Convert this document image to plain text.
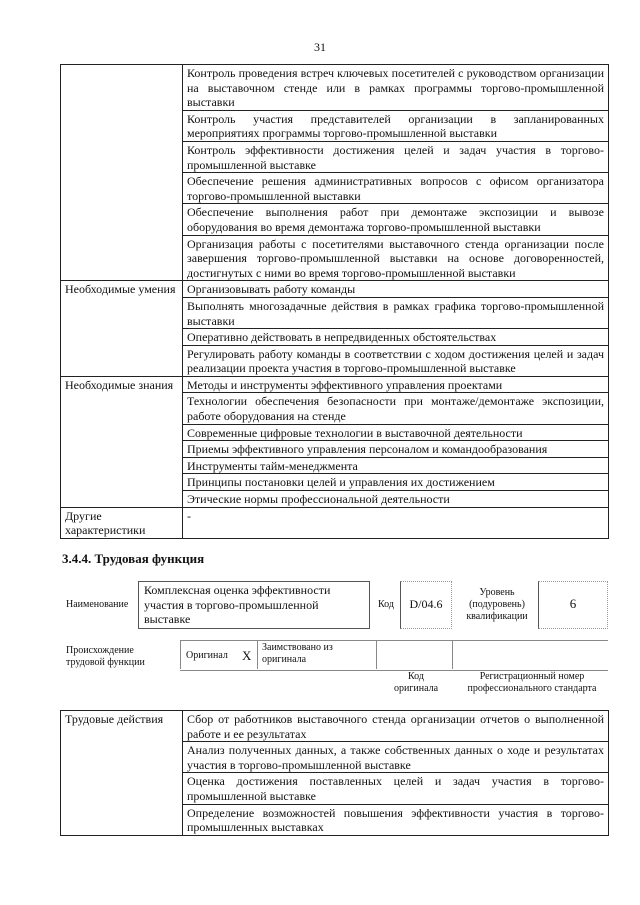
31
	Контроль проведения встреч ключевых посетителей с руководством организации на выставочном стенде или в рамках программы торгово-промышленной выставки
	Контроль участия представителей организации в запланированных мероприятиях программы торгово-промышленной выставки
	Контроль эффективности достижения целей и задач участия в торгово-промышленной выставке
	Обеспечение решения административных вопросов с офисом организатора торгово-промышленной выставки
	Обеспечение выполнения работ при демонтаже экспозиции и вывозе оборудования во время демонтажа торгово-промышленной выставки
	Организация работы с посетителями выставочного стенда организации после завершения торгово-промышленной выставки на основе договоренностей, достигнутых с ними во время торгово-промышленной выставки
Необходимые умения	Организовывать работу команды
	Выполнять многозадачные действия в рамках графика торгово-промышленной выставки
	Оперативно действовать в непредвиденных обстоятельствах
	Регулировать работу команды в соответствии с ходом достижения целей и задач реализации проекта участия в торгово-промышленной выставке
Необходимые знания	Методы и инструменты эффективного управления проектами
	Технологии обеспечения безопасности при монтаже/демонтаже экспозиции, работе оборудования на стенде
	Современные цифровые технологии в выставочной деятельности
	Приемы эффективного управления персоналом и командообразования
	Инструменты тайм-менеджмента
	Принципы постановки целей и управления их достижением
	Этические нормы профессиональной деятельности
Другие характеристики	-
3.4.4. Трудовая функция
Наименование
Комплексная оценка эффективности участия в торгово-промышленной выставке
Код	D/04.6
Уровень (подуровень) квалификации
6
Происхождение трудовой функции
Оригинал X
Заимствовано из оригинала
Код оригинала
Регистрационный номер профессионального стандарта
Трудовые действия	Сбор от работников выставочного стенда организации отчетов о выполненной работе и ее результатах
Анализ полученных данных, а также собственных данных о ходе и результатах участия в торгово-промышленной выставке
Оценка достижения поставленных целей и задач участия в торгово-промышленной выставке
Определение возможностей повышения эффективности участия в торгово-промышленных выставках
